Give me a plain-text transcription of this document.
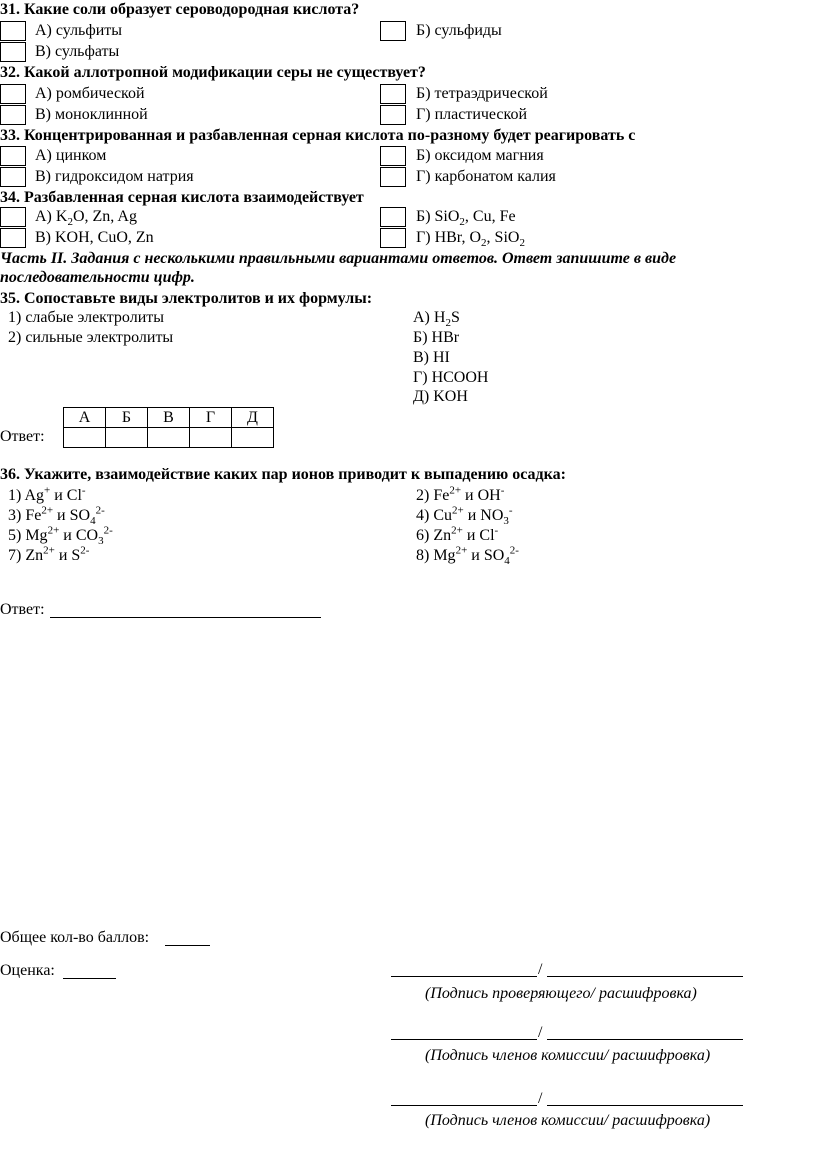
31. Какие соли образует сероводородная кислота?
А) сульфиты	Б) сульфиды
В) сульфаты
32. Какой аллотропной модификации серы не существует?
А) ромбической	Б) тетраэдрической
В) моноклинной	Г) пластической
33. Концентрированная и разбавленная серная кислота по-разному будет реагировать с
А) цинком	Б) оксидом магния
В) гидроксидом натрия	Г) карбонатом калия
34. Разбавленная серная кислота взаимодействует
А) $K_2O$, Zn, Ag	Б) SiO$_2$, Cu, Fe
В) KOH, CuO, Zn	Г) HBr, $O_2$, SiO$_2$
Часть II. Задания с несколькими правильными вариантами ответов. Ответ запишите в виде
последовательности цифр.
35. Сопоставьте виды электролитов и их формулы:
1) слабые электролиты
2) сильные электролиты
А) $H_2S$
Б) HBr
В) HI
Г) HCOOH
Д) KOH
Ответ:
А	Б	В	Г	Д

36. Укажите, взаимодействие каких пар ионов приводит к выпадению осадка:
1) Ag+ и Cl-	2) $Fe^{2+}$ и OH-
3) $Fe^{2+}$ и $SO_4^{2-}$	4) $Cu^{2+}$ и $NO_3^-$
5) $Mg^{2+}$ и $CO_3^{2-}$	6) $Zn^{2+}$ и Cl-
7) $Zn^{2+}$ и $S^{2-}$	8) $Mg^{2+}$ и $SO_4^{2-}$
Ответ:
Общее кол-во баллов:
Оценка:	/
(Подпись проверяющего/ расшифровка)
/
(Подпись членов комиссии/ расшифровка)
/
(Подпись членов комиссии/ расшифровка)
